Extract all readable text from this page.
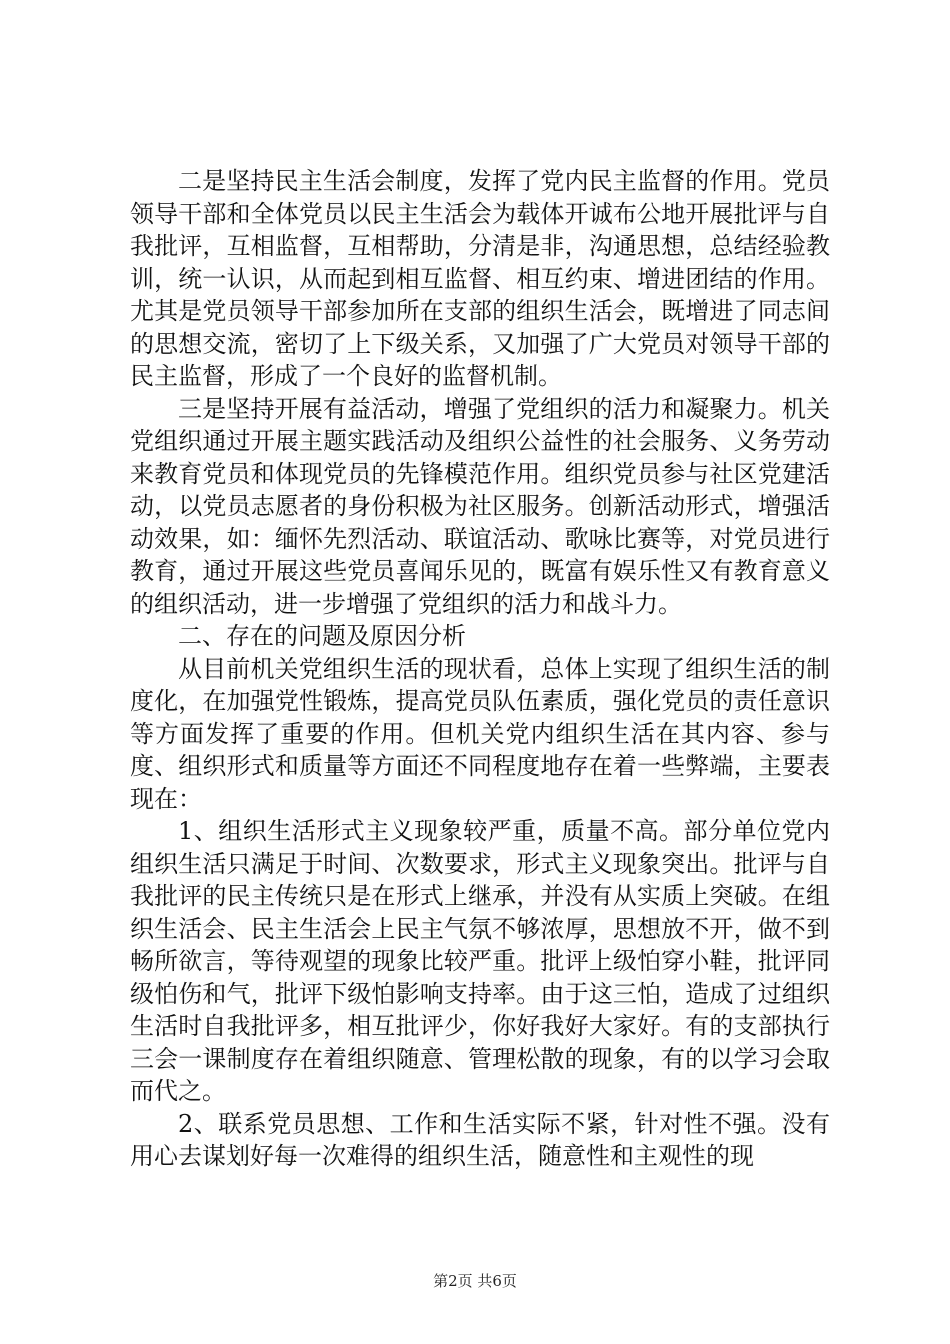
二是坚持民主生活会制度，发挥了党内民主监督的作用。党员领导干部和全体党员以民主生活会为载体开诚布公地开展批评与自我批评，互相监督，互相帮助，分清是非，沟通思想，总结经验教训，统一认识，从而起到相互监督、相互约束、增进团结的作用。尤其是党员领导干部参加所在支部的组织生活会，既增进了同志间的思想交流，密切了上下级关系，又加强了广大党员对领导干部的民主监督，形成了一个良好的监督机制。

三是坚持开展有益活动，增强了党组织的活力和凝聚力。机关党组织通过开展主题实践活动及组织公益性的社会服务、义务劳动来教育党员和体现党员的先锋模范作用。组织党员参与社区党建活动，以党员志愿者的身份积极为社区服务。创新活动形式，增强活动效果，如：缅怀先烈活动、联谊活动、歌咏比赛等，对党员进行教育，通过开展这些党员喜闻乐见的，既富有娱乐性又有教育意义的组织活动，进一步增强了党组织的活力和战斗力。

二、存在的问题及原因分析

从目前机关党组织生活的现状看，总体上实现了组织生活的制度化，在加强党性锻炼，提高党员队伍素质，强化党员的责任意识等方面发挥了重要的作用。但机关党内组织生活在其内容、参与度、组织形式和质量等方面还不同程度地存在着一些弊端，主要表现在：

1、组织生活形式主义现象较严重，质量不高。部分单位党内组织生活只满足于时间、次数要求，形式主义现象突出。批评与自我批评的民主传统只是在形式上继承，并没有从实质上突破。在组织生活会、民主生活会上民主气氛不够浓厚，思想放不开，做不到畅所欲言，等待观望的现象比较严重。批评上级怕穿小鞋，批评同级怕伤和气，批评下级怕影响支持率。由于这三怕，造成了过组织生活时自我批评多，相互批评少，你好我好大家好。有的支部执行三会一课制度存在着组织随意、管理松散的现象，有的以学习会取而代之。

2、联系党员思想、工作和生活实际不紧，针对性不强。没有用心去谋划好每一次难得的组织生活，随意性和主观性的现

第2页 共6页
